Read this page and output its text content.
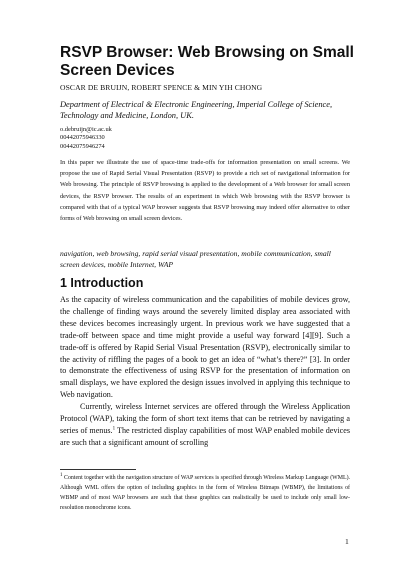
RSVP Browser: Web Browsing on Small Screen Devices
OSCAR DE BRUIJN, ROBERT SPENCE & MIN YIH CHONG
Department of Electrical & Electronic Engineering, Imperial College of Science, Technology and Medicine, London, UK.
o.debruijn@ic.ac.uk
00442075946330
00442075946274
In this paper we illustrate the use of space-time trade-offs for information presentation on small screens. We propose the use of Rapid Serial Visual Presentation (RSVP) to provide a rich set of navigational information for Web browsing. The principle of RSVP browsing is applied to the development of a Web browser for small screen devices, the RSVP browser. The results of an experiment in which Web browsing with the RSVP browser is compared with that of a typical WAP browser suggests that RSVP browsing may indeed offer alternative to other forms of Web browsing on small screen devices.
navigation, web browsing, rapid serial visual presentation, mobile communication, small screen devices, mobile Internet, WAP
1 Introduction

As the capacity of wireless communication and the capabilities of mobile devices grow, the challenge of finding ways around the severely limited display area associated with these devices becomes increasingly urgent. In previous work we have suggested that a trade-off between space and time might provide a useful way forward [4][9]. Such a trade-off is offered by Rapid Serial Visual Presentation (RSVP), electronically similar to the activity of riffling the pages of a book to get an idea of “what’s there?” [3]. In order to demonstrate the effectiveness of using RSVP for the presentation of information on small displays, we have explored the design issues involved in applying this technique to Web navigation.

Currently, wireless Internet services are offered through the Wireless Application Protocol (WAP), taking the form of short text items that can be retrieved by navigating a series of menus.$^1$ The restricted display capabilities of most WAP enabled mobile devices are such that a significant amount of scrolling

$^1$ Content together with the navigation structure of WAP services is specified through Wireless Markup Language (WML). Although WML offers the option of including graphics in the form of Wireless Bitmaps (WBMP), the limitations of WBMP and of most WAP browsers are such that these graphics can realistically be used to include only small low-resolution monochrome icons.
1
